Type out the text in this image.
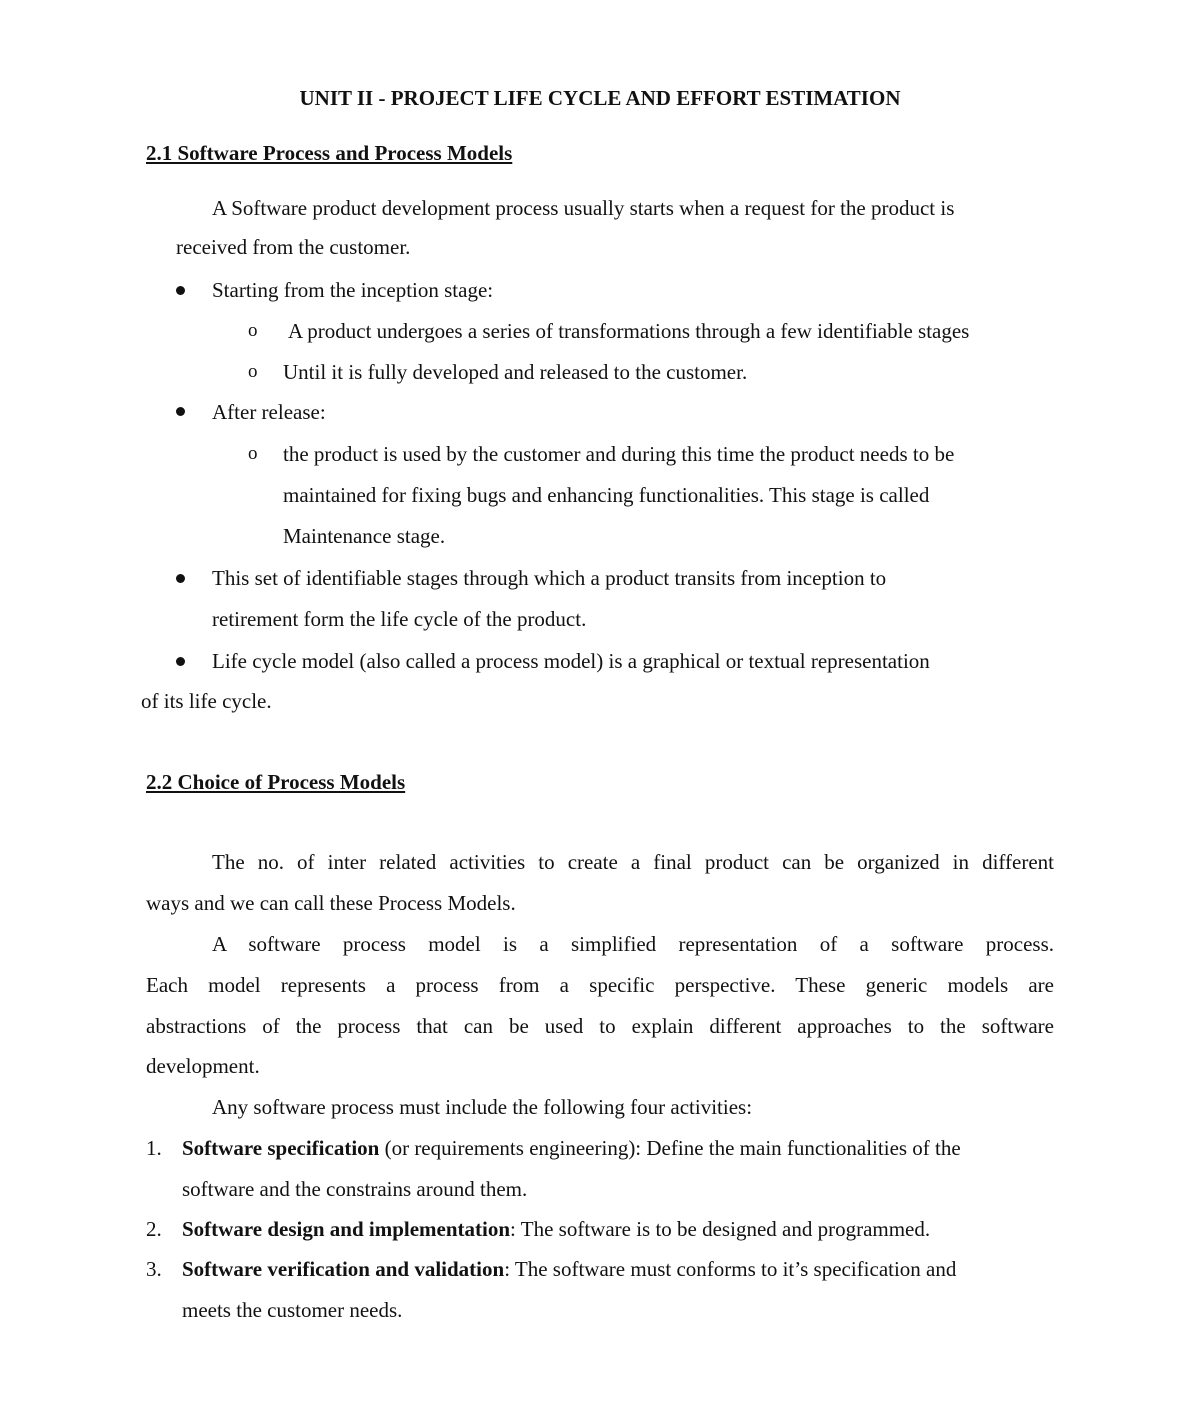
UNIT II - PROJECT LIFE CYCLE AND EFFORT ESTIMATION
2.1 Software Process and Process Models
A Software product development process usually starts when a request for the product is
received from the customer.
Starting from the inception stage:
o A product undergoes a series of transformations through a few identifiable stages
o Until it is fully developed and released to the customer.
After release:
o the product is used by the customer and during this time the product needs to be
maintained for fixing bugs and enhancing functionalities. This stage is called
Maintenance stage.
This set of identifiable stages through which a product transits from inception to
retirement form the life cycle of the product.
Life cycle model (also called a process model) is a graphical or textual representation
of its life cycle.
2.2 Choice of Process Models
The no. of inter related activities to create a final product can be organized in different
ways and we can call these Process Models.
A software process model is a simplified representation of a software process.
Each model represents a process from a specific perspective. These generic models are
abstractions of the process that can be used to explain different approaches to the software
development.
Any software process must include the following four activities:
1. Software specification (or requirements engineering): Define the main functionalities of the
software and the constrains around them.
2. Software design and implementation: The software is to be designed and programmed.
3. Software verification and validation: The software must conforms to it’s specification and
meets the customer needs.
